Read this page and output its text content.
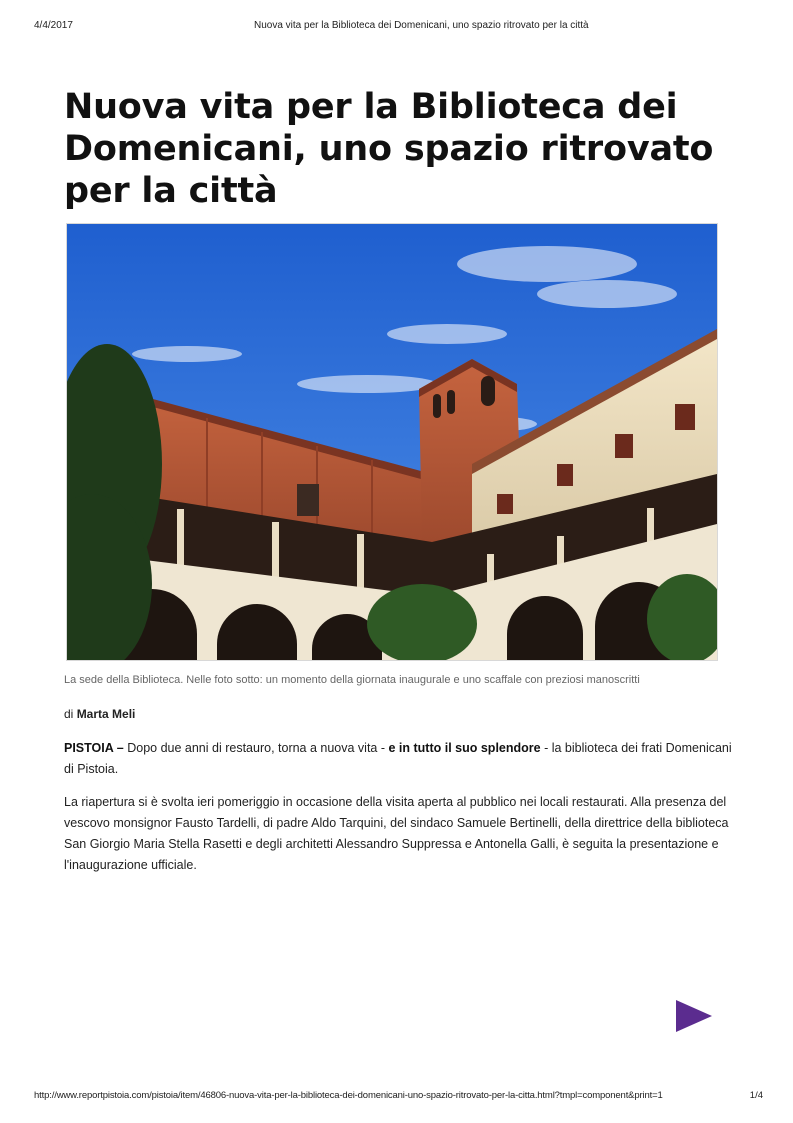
4/4/2017	Nuova vita per la Biblioteca dei Domenicani, uno spazio ritrovato per la città
Nuova vita per la Biblioteca dei Domenicani, uno spazio ritrovato per la città
La sede della Biblioteca. Nelle foto sotto: un momento della giornata inaugurale e uno scaffale con preziosi manoscritti
di Marta Meli

PISTOIA – Dopo due anni di restauro, torna a nuova vita - e in tutto il suo splendore - la biblioteca dei frati Domenicani di Pistoia.

La riapertura si è svolta ieri pomeriggio in occasione della visita aperta al pubblico nei locali restaurati. Alla presenza del vescovo monsignor Fausto Tardelli, di padre Aldo Tarquini, del sindaco Samuele Bertinelli, della direttrice della biblioteca San Giorgio Maria Stella Rasetti e degli architetti Alessandro Suppressa e Antonella Galli, è seguita la presentazione e l'inaugurazione ufficiale.

http://www.reportpistoia.com/pistoia/item/46806-nuova-vita-per-la-biblioteca-dei-domenicani-uno-spazio-ritrovato-per-la-citta.html?tmpl=component&print=1	1/4
